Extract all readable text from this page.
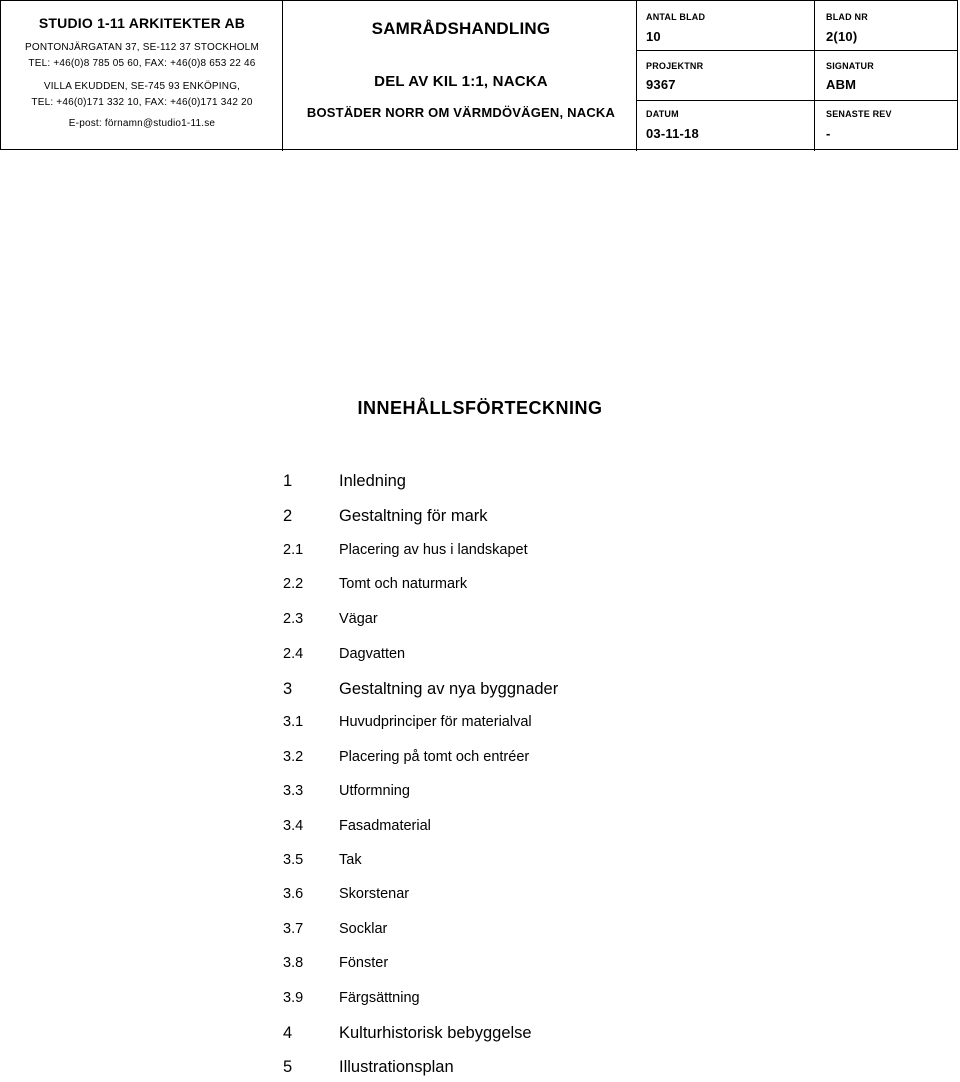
STUDIO 1-11 ARKITEKTER AB
PONTONJÄRGATAN 37, SE-112 37 STOCKHOLM
TEL: +46(0)8 785 05 60, FAX: +46(0)8 653 22 46
VILLA EKUDDEN, SE-745 93 ENKÖPING,
TEL: +46(0)171 332 10, FAX: +46(0)171 342 20
E-post: förnamn@studio1-11.se
SAMRÅDSHANDLING
DEL AV KIL 1:1, NACKA
BOSTÄDER NORR OM VÄRMDÖVÄGEN, NACKA
ANTAL BLAD
10
BLAD NR
2(10)
PROJEKTNR
9367
SIGNATUR
ABM
DATUM
03-11-18
SENASTE REV
-
INNEHÅLLSFÖRTECKNING
1	Inledning
2	Gestaltning för mark
2.1 Placering av hus i landskapet
2.2 Tomt och naturmark
2.3 Vägar
2.4 Dagvatten
3	Gestaltning av nya byggnader
3.1 Huvudprinciper för materialval
3.2 Placering på tomt och entréer
3.3 Utformning
3.4 Fasadmaterial
3.5 Tak
3.6 Skorstenar
3.7 Socklar
3.8 Fönster
3.9 Färgsättning
4	Kulturhistorisk bebyggelse
5	Illustrationsplan
